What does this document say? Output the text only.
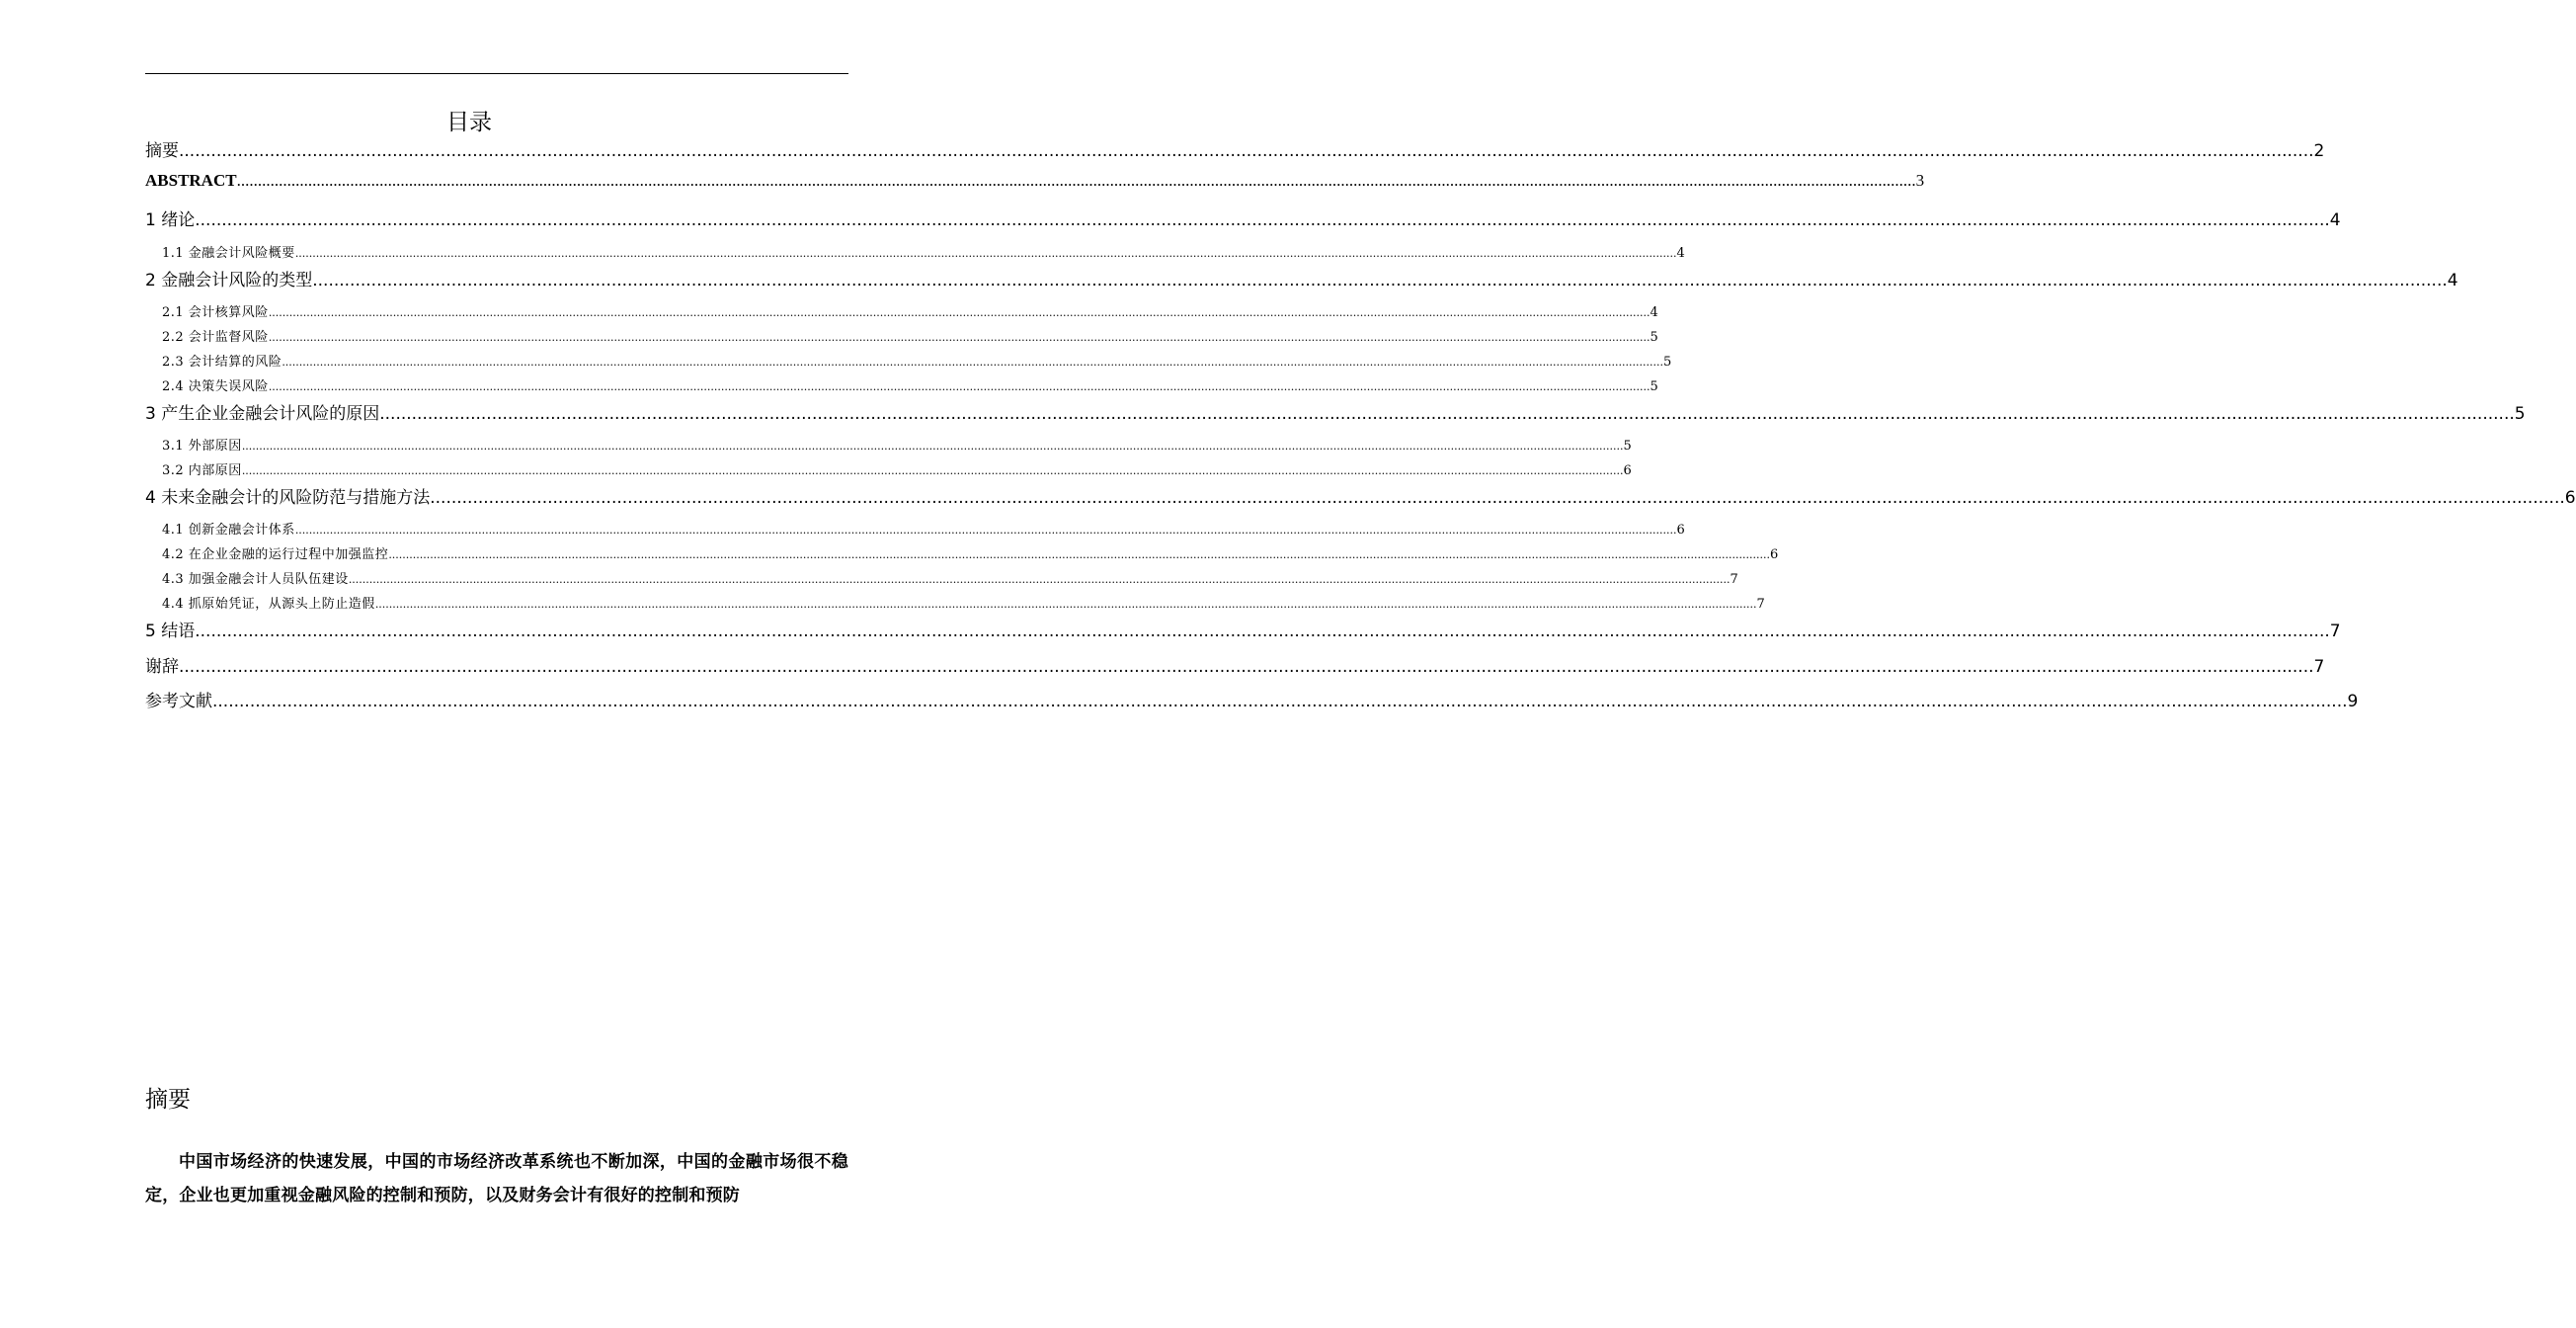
目录
摘要 ................................................................................................................................................................................................................................................................................................................................................................................................................ 2
ABSTRACT ................................................................................................................................................................................................................................................................................................................................................................................................................ 3
1 绪论 ................................................................................................................................................................................................................................................................................................................................................................................................................ 4
1.1 金融会计风险概要 ................................................................................................................................................................................................................................................................................................................................................................................................................ 4
2 金融会计风险的类型 ................................................................................................................................................................................................................................................................................................................................................................................................................ 4
2.1 会计核算风险 ................................................................................................................................................................................................................................................................................................................................................................................................................ 4
2.2 会计监督风险 ................................................................................................................................................................................................................................................................................................................................................................................................................ 5
2.3 会计结算的风险 ................................................................................................................................................................................................................................................................................................................................................................................................................ 5
2.4 决策失误风险 ................................................................................................................................................................................................................................................................................................................................................................................................................ 5
3 产生企业金融会计风险的原因 ................................................................................................................................................................................................................................................................................................................................................................................................................ 5
3.1 外部原因 ................................................................................................................................................................................................................................................................................................................................................................................................................ 5
3.2 内部原因 ................................................................................................................................................................................................................................................................................................................................................................................................................ 6
4 未来金融会计的风险防范与措施方法 ................................................................................................................................................................................................................................................................................................................................................................................................................ 6
4.1 创新金融会计体系 ................................................................................................................................................................................................................................................................................................................................................................................................................ 6
4.2 在企业金融的运行过程中加强监控 ................................................................................................................................................................................................................................................................................................................................................................................................................ 6
4.3 加强金融会计人员队伍建设 ................................................................................................................................................................................................................................................................................................................................................................................................................ 7
4.4 抓原始凭证，从源头上防止造假 ................................................................................................................................................................................................................................................................................................................................................................................................................ 7
5 结语 ................................................................................................................................................................................................................................................................................................................................................................................................................ 7
谢辞 ................................................................................................................................................................................................................................................................................................................................................................................................................ 7
参考文献 ................................................................................................................................................................................................................................................................................................................................................................................................................ 9
摘要
中国市场经济的快速发展，中国的市场经济改革系统也不断加深，中国的金融市场很不稳定，企业也更加重视金融风险的控制和预防，以及财务会计有很好的控制和预防
